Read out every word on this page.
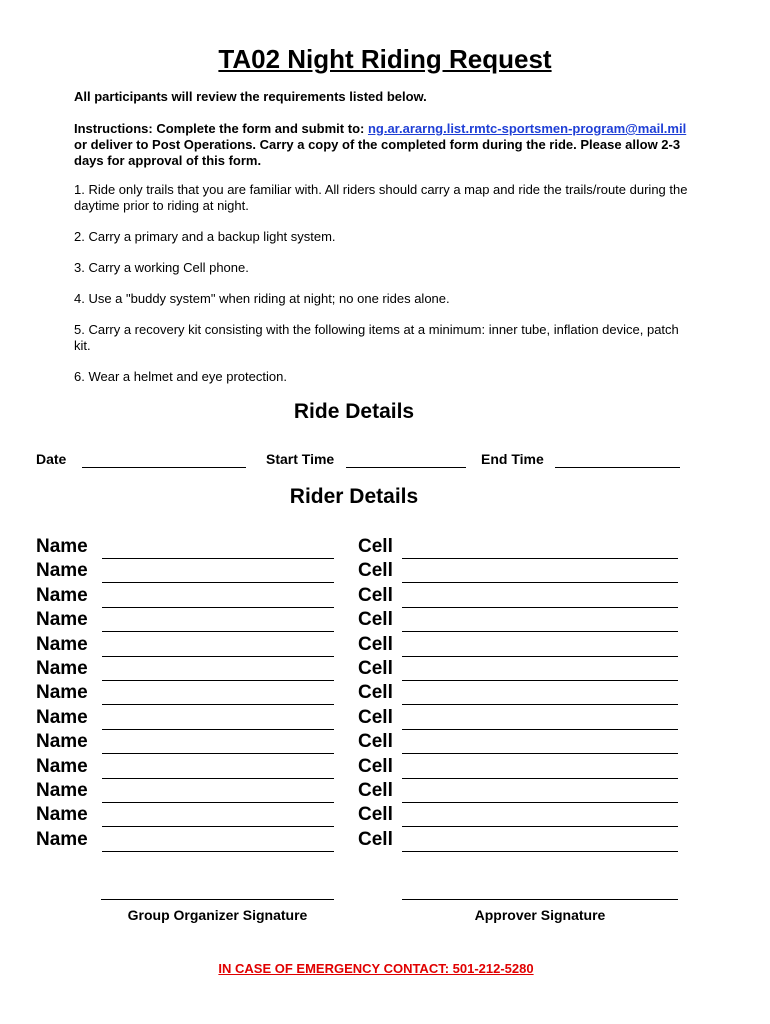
TA02 Night Riding Request
All participants will review the requirements listed below.
Instructions: Complete the form and submit to: ng.ar.ararng.list.rmtc-sportsmen-program@mail.mil or deliver to Post Operations. Carry a copy of the completed form during the ride. Please allow 2-3 days for approval of this form.
1. Ride only trails that you are familiar with. All riders should carry a map and ride the trails/route during the daytime prior to riding at night.
2. Carry a primary and a backup light system.
3. Carry a working Cell phone.
4. Use a "buddy system" when riding at night; no one rides alone.
5. Carry a recovery kit consisting with the following items at a minimum: inner tube, inflation device, patch kit.
6. Wear a helmet and eye protection.
Ride Details
Date	Start Time	End Time
Rider Details
Name	Cell
Name	Cell
Name	Cell
Name	Cell
Name	Cell
Name	Cell
Name	Cell
Name	Cell
Name	Cell
Name	Cell
Name	Cell
Name	Cell
Name	Cell
Group Organizer Signature	Approver Signature
IN CASE OF EMERGENCY CONTACT: 501-212-5280
